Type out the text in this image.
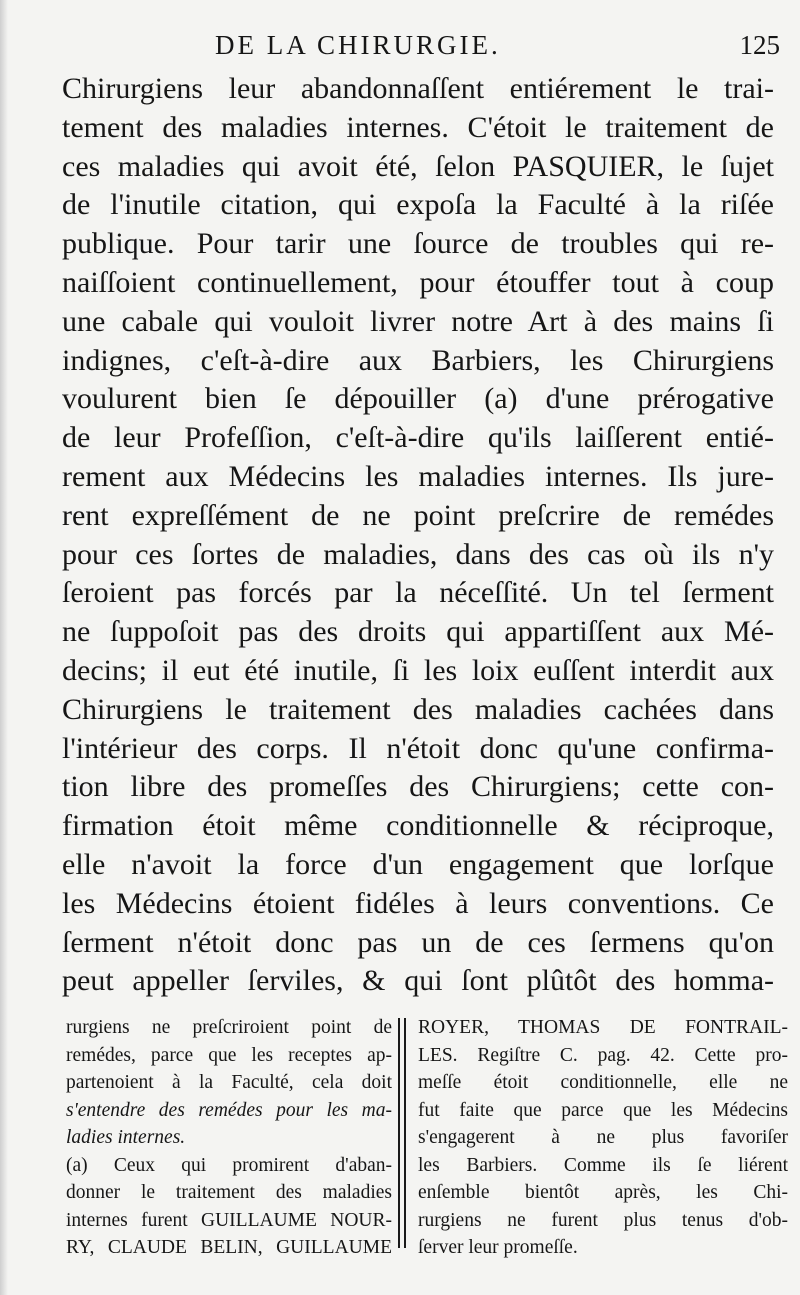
DE LA CHIRURGIE.	125
Chirurgiens leur abandonnaſſent entiérement le trai-
tement des maladies internes. C'étoit le traitement de
ces maladies qui avoit été, ſelon PASQUIER, le ſujet
de l'inutile citation, qui expoſa la Faculté à la riſée
publique. Pour tarir une ſource de troubles qui re-
naiſſoient continuellement, pour étouffer tout à coup
une cabale qui vouloit livrer notre Art à des mains ſi
indignes, c'eſt-à-dire aux Barbiers, les Chirurgiens
voulurent bien ſe dépouiller (a) d'une prérogative
de leur Profeſſion, c'eſt-à-dire qu'ils laiſſerent entié-
rement aux Médecins les maladies internes. Ils jure-
rent expreſſément de ne point preſcrire de remédes
pour ces ſortes de maladies, dans des cas où ils n'y
ſeroient pas forcés par la néceſſité. Un tel ſerment
ne ſuppoſoit pas des droits qui appartiſſent aux Mé-
decins; il eut été inutile, ſi les loix euſſent interdit aux
Chirurgiens le traitement des maladies cachées dans
l'intérieur des corps. Il n'étoit donc qu'une confirma-
tion libre des promeſſes des Chirurgiens; cette con-
firmation étoit même conditionnelle & réciproque,
elle n'avoit la force d'un engagement que lorſque
les Médecins étoient fidéles à leurs conventions. Ce
ſerment n'étoit donc pas un de ces ſermens qu'on
peut appeller ſerviles, & qui ſont plûtôt des homma-
rurgiens ne preſcriroient point de
remédes, parce que les receptes ap-
partenoient à la Faculté, cela doit
s'entendre des remédes pour les ma-
ladies internes.
(a) Ceux qui promirent d'aban-
donner le traitement des maladies
internes furent GUILLAUME NOUR-
RY, CLAUDE BELIN, GUILLAUME
ROYER, THOMAS DE FONTRAIL-
LES. Regiſtre C. pag. 42. Cette pro-
meſſe étoit conditionnelle, elle ne
fut faite que parce que les Médecins
s'engagerent à ne plus favoriſer
les Barbiers. Comme ils ſe liérent
enſemble bientôt après, les Chi-
rurgiens ne furent plus tenus d'ob-
ſerver leur promeſſe.
